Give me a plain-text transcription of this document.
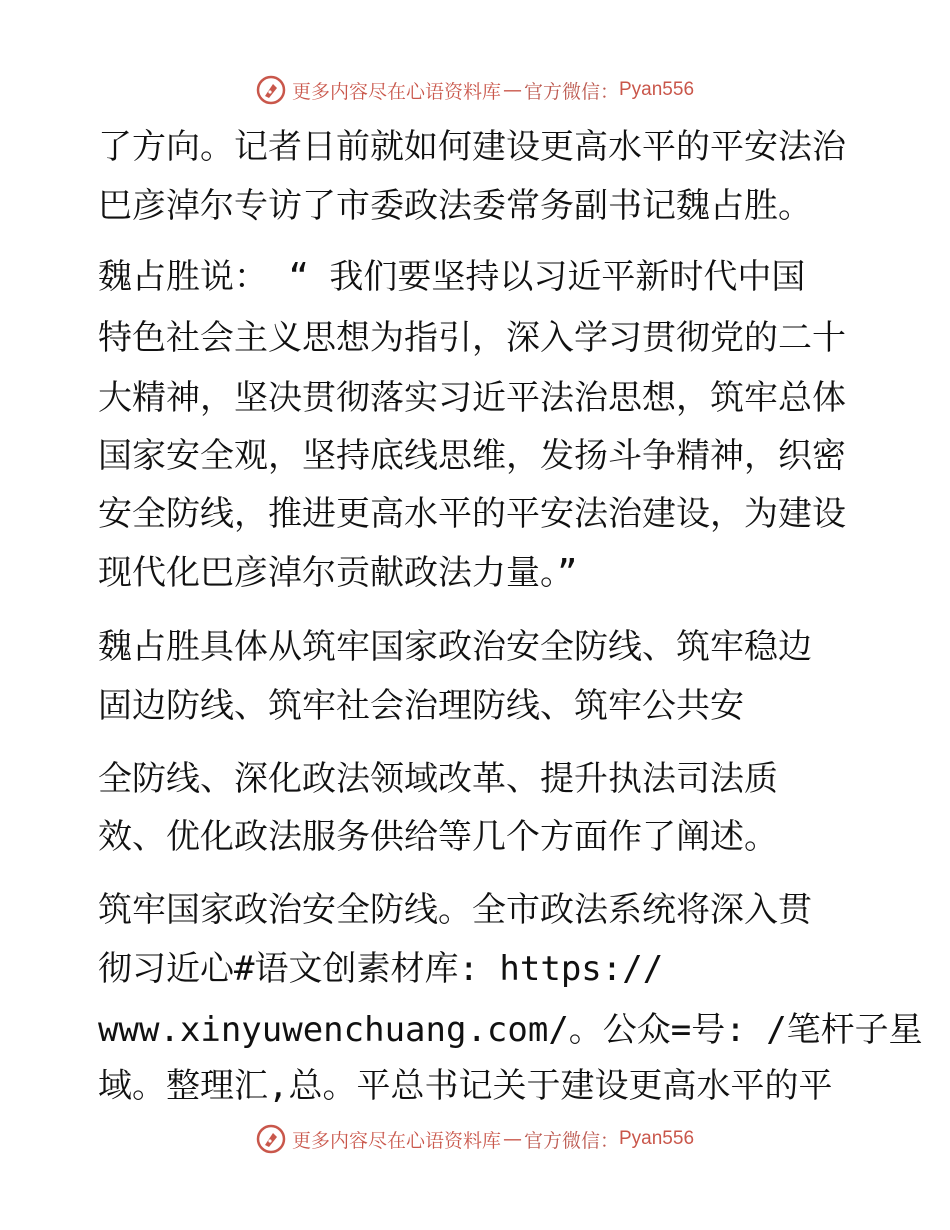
更多内容尽在心语资料库 — 官方微信： Pyan556
了方向。记者日前就如何建设更高水平的平安法治
巴彦淖尔专访了市委政法委常务副书记魏占胜。
魏占胜说： “ 我们要坚持以习近平新时代中国
特色社会主义思想为指引，深入学习贯彻党的二十
大精神，坚决贯彻落实习近平法治思想，筑牢总体
国家安全观，坚持底线思维，发扬斗争精神，织密
安全防线，推进更高水平的平安法治建设，为建设
现代化巴彦淖尔贡献政法力量。”
魏占胜具体从筑牢国家政治安全防线、筑牢稳边
固边防线、筑牢社会治理防线、筑牢公共安
全防线、深化政法领域改革、提升执法司法质
效、优化政法服务供给等几个方面作了阐述。
筑牢国家政治安全防线。全市政法系统将深入贯
彻习近心#语文创素材库: https://
www.xinyuwenchuang.com/。公众=号: /笔杆子星
域。整理汇,总。平总书记关于建设更高水平的平
更多内容尽在心语资料库 — 官方微信： Pyan556
